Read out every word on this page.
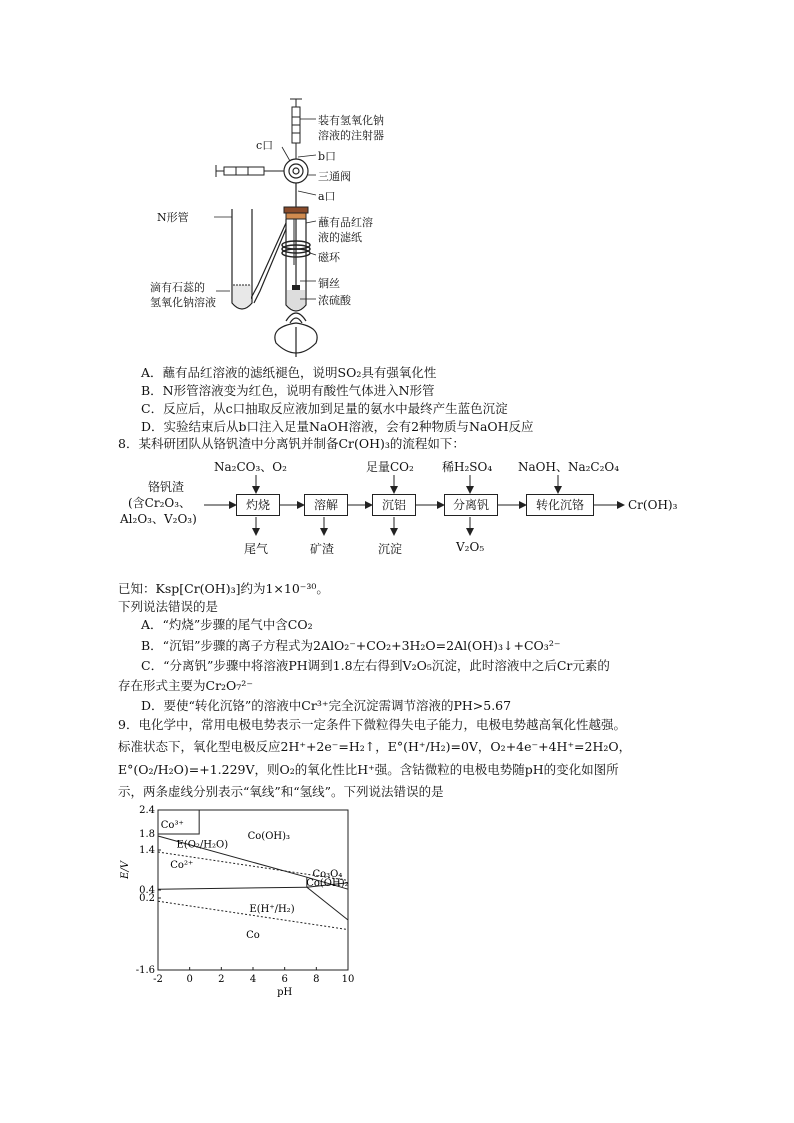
装有氢氧化钠
溶液的注射器
c口
b口
三通阀
a口
N形管	蘸有品红溶
液的滤纸
磁环
铜丝
浓硫酸
滴有石蕊的
氢氧化钠溶液
A．蘸有品红溶液的滤纸褪色，说明SO₂具有强氧化性
B．N形管溶液变为红色，说明有酸性气体进入N形管
C．反应后，从c口抽取反应液加到足量的氨水中最终产生蓝色沉淀
D．实验结束后从b口注入足量NaOH溶液，会有2种物质与NaOH反应
8．某科研团队从铬钒渣中分离钒并制备Cr(OH)₃的流程如下：
铬钒渣
(含Cr₂O₃、
Al₂O₃、V₂O₃)
灼烧	溶解	沉铝	分离钒	转化沉铬	Cr(OH)₃
Na₂CO₃、O₂	足量CO₂ 稀H₂SO₄ NaOH、Na₂C₂O₄
尾气	矿渣	沉淀	V₂O₅
已知：Ksp[Cr(OH)₃]约为1×10⁻³⁰。
下列说法错误的是
A．“灼烧”步骤的尾气中含CO₂
B．“沉铝”步骤的离子方程式为2AlO₂⁻+CO₂+3H₂O=2Al(OH)₃↓+CO₃²⁻
C．“分离钒”步骤中将溶液PH调到1.8左右得到V₂O₅沉淀，此时溶液中之后Cr元素的
存在形式主要为Cr₂O₇²⁻
D．要使“转化沉铬”的溶液中Cr³⁺完全沉淀需调节溶液的PH>5.67
9．电化学中，常用电极电势表示一定条件下微粒得失电子能力，电极电势越高氧化性越强。
标准状态下，氧化型电极反应2H⁺+2e⁻=H₂↑，E°(H⁺/H₂)=0V，O₂+4e⁻+4H⁺=2H₂O，
E°(O₂/H₂O)=+1.229V，则O₂的氧化性比H⁺强。含钴微粒的电极电势随pH的变化如图所
示，两条虚线分别表示“氧线”和“氢线”。下列说法错误的是
-2 0	2	4	6	8 10
2.4
1.8
1.4
0.4
0.2
-1.6
pH
E/V
Co³⁺
Co(OH)₃
Co²⁺
Co₃O₄
Co(OH)₂
Co
E(O₂/H₂O)
E(H⁺/H₂)
